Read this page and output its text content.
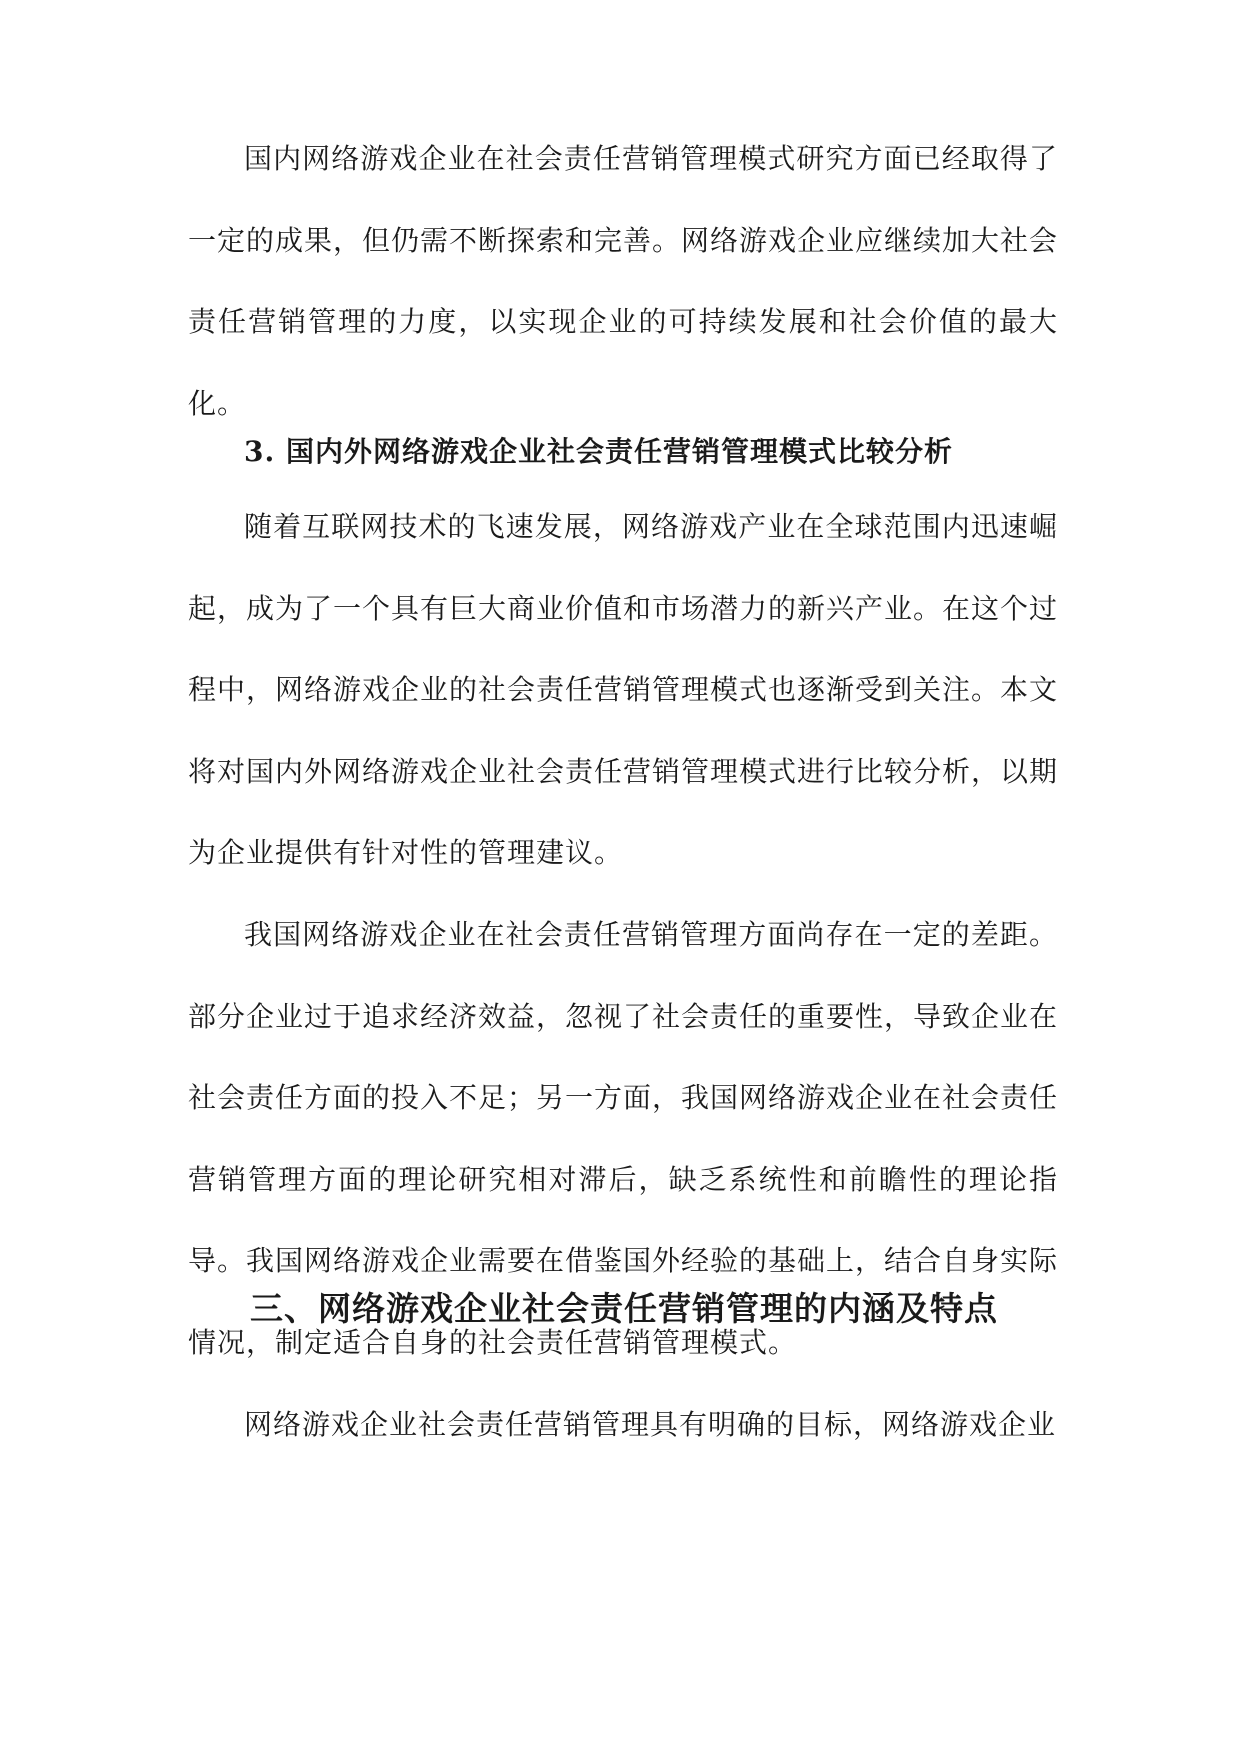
国内网络游戏企业在社会责任营销管理模式研究方面已经取得了一定的成果，但仍需不断探索和完善。网络游戏企业应继续加大社会责任营销管理的力度，以实现企业的可持续发展和社会价值的最大化。

3. 国内外网络游戏企业社会责任营销管理模式比较分析

随着互联网技术的飞速发展，网络游戏产业在全球范围内迅速崛起，成为了一个具有巨大商业价值和市场潜力的新兴产业。在这个过程中，网络游戏企业的社会责任营销管理模式也逐渐受到关注。本文将对国内外网络游戏企业社会责任营销管理模式进行比较分析，以期为企业提供有针对性的管理建议。

我国网络游戏企业在社会责任营销管理方面尚存在一定的差距。部分企业过于追求经济效益，忽视了社会责任的重要性，导致企业在社会责任方面的投入不足；另一方面，我国网络游戏企业在社会责任营销管理方面的理论研究相对滞后，缺乏系统性和前瞻性的理论指导。我国网络游戏企业需要在借鉴国外经验的基础上，结合自身实际情况，制定适合自身的社会责任营销管理模式。

三、网络游戏企业社会责任营销管理的内涵及特点

网络游戏企业社会责任营销管理具有明确的目标，网络游戏企业
